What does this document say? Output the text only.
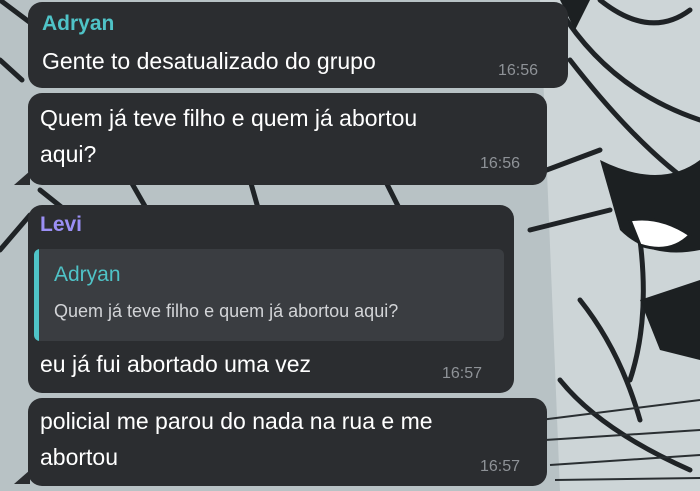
Adryan
Gente to desatualizado do grupo	16:56
Quem já teve filho e quem já abortou
aqui?	16:56
Levi
Adryan
Quem já teve filho e quem já abortou aqui?
eu já fui abortado uma vez	16:57
policial me parou do nada na rua e me
abortou	16:57
